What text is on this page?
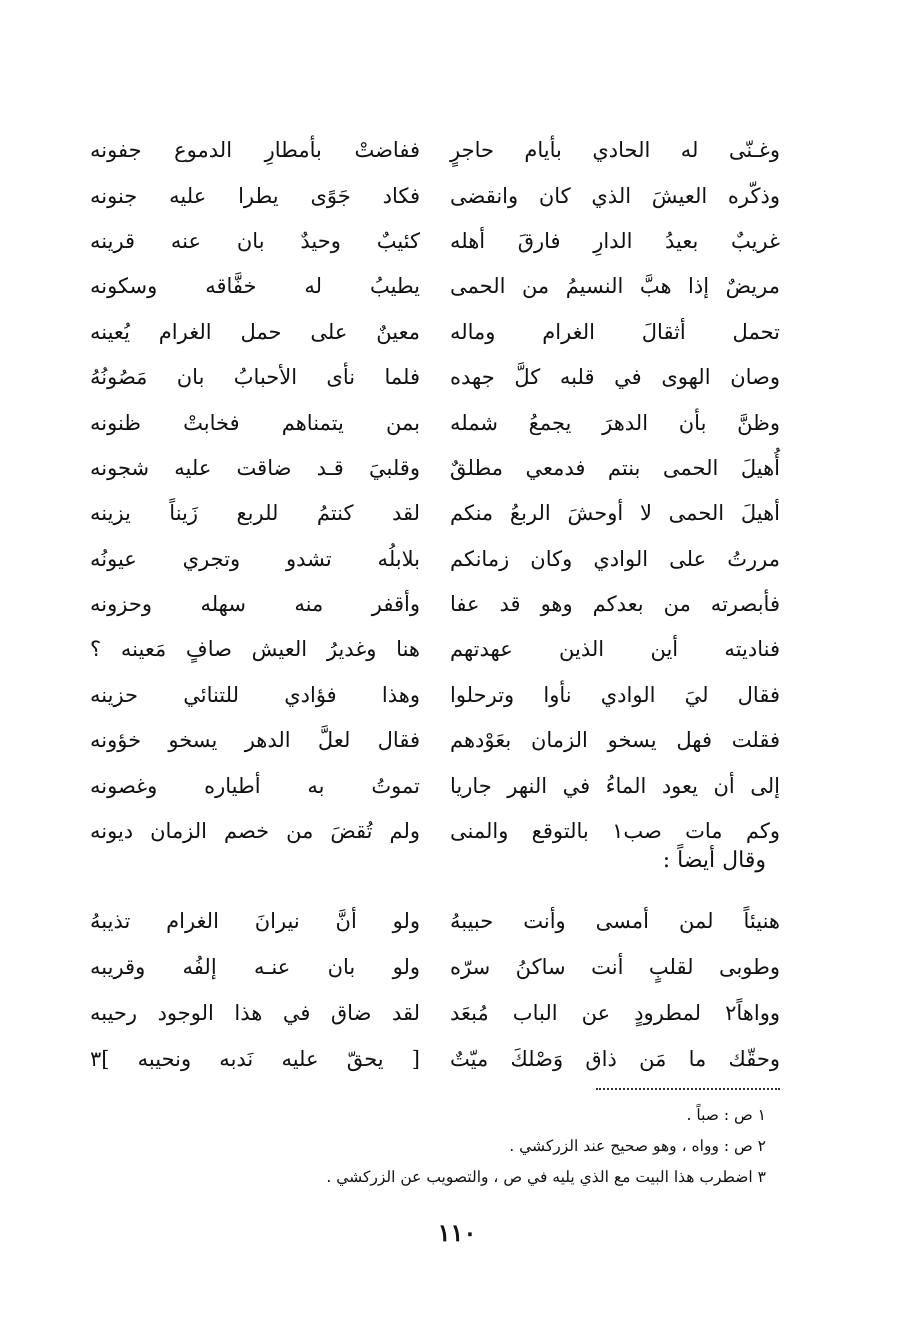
وغـنّى له الحادي بأيام حاجرٍ
ففاضتْ بأمطارِ الدموع جفونه
وذكّره العيشَ الذي كان وانقضى
فكاد جَوًى يطرا عليه جنونه
غريبٌ بعيدُ الدارِ فارقَ أهله
كئيبٌ وحيدٌ بان عنه قرينه
مريضٌ إذا هبَّ النسيمُ من الحمى
يطيبُ له خفَّاقه وسكونه
تحمل أثقالَ الغرام وماله
معينٌ على حمل الغرام يُعينه
وصان الهوى في قلبه كلَّ جهده
فلما نأى الأحبابُ بان مَصُونُهُ
وظنَّ بأن الدهرَ يجمعُ شمله
بمن يتمناهم فخابتْ ظنونه
أُهيلَ الحمى بنتم فدمعي مطلقٌ
وقلبيَ قـد ضاقت عليه شجونه
أهيلَ الحمى لا أوحشَ الربعُ منكم
لقد كنتمُ للربع زَيناً يزينه
مررتُ على الوادي وكان زمانكم
بلابلُه تشدو وتجري عيونُه
فأبصرته من بعدكم وهو قد عفا
وأقفر منه سهله وحزونه
فناديته أين الذين عهدتهم
هنا وغديرُ العيش صافٍ مَعينه ؟
فقال ليَ الوادي نأوا وترحلوا
وهذا فؤادي للتنائي حزينه
فقلت فهل يسخو الزمان بعَوْدهم
فقال لعلَّ الدهر يسخو خؤونه
إلى أن يعود الماءُ في النهر جاريا
تموتُ به أطياره وغصونه
وكم مات صب١ بالتوقع والمنى
ولم تُقضَ من خصم الزمان ديونه
وقال أيضاً :
هنيئاً لمن أمسى وأنت حبيبهُ
ولو أنَّ نيرانَ الغرام تذيبهُ
وطوبى لقلبٍ أنت ساكنُ سرّه
ولو بان عنـه إلفُه وقريبه
وواهاً٢ لمطرودٍ عن الباب مُبعَد
لقد ضاق في هذا الوجود رحيبه
وحقّك ما مَن ذاق وَصْلكَ ميّتٌ
[ يحقّ عليه نَدبه ونحيبه ]٣
١ ص : صباً .
٢ ص : وواه ، وهو صحيح عند الزركشي .
٣ اضطرب هذا البيت مع الذي يليه في ص ، والتصويب عن الزركشي .
١١٠
